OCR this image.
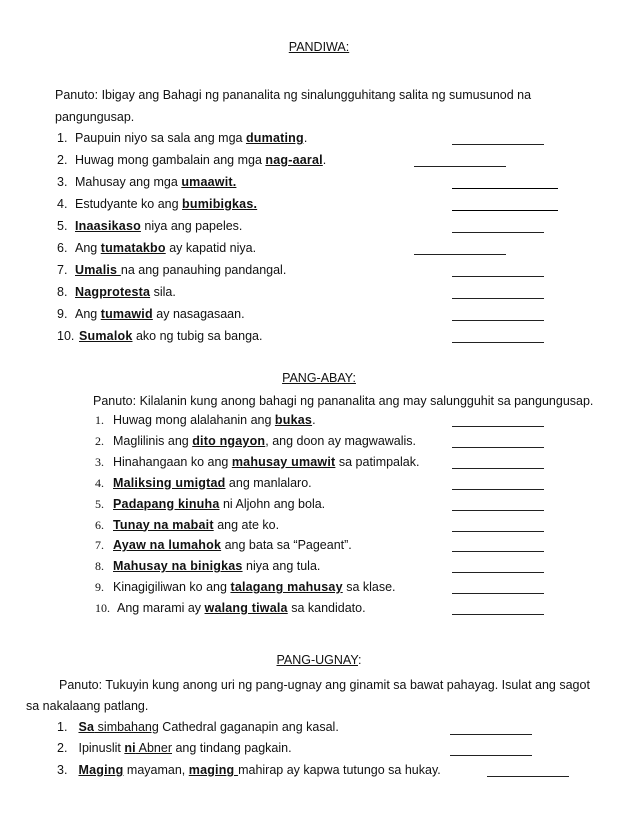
PANDIWA:
Panuto: Ibigay ang Bahagi ng pananalita ng sinalungguhitang salita ng sumusunod na
pangungusap.
1. Paupuin niyo sa sala ang mga dumating.
2. Huwag mong gambalain ang mga nag-aaral.
3. Mahusay ang mga umaawit.
4. Estudyante ko ang bumibigkas.
5. Inaasikaso niya ang papeles.
6. Ang tumatakbo ay kapatid niya.
7. Umalis na ang panauhing pandangal.
8. Nagprotesta sila.
9. Ang tumawid ay nasagasaan.
10. Sumalok ako ng tubig sa banga.
PANG-ABAY:
Panuto: Kilalanin kung anong bahagi ng pananalita ang may salungguhit sa pangungusap.
1. Huwag mong alalahanin ang bukas.
2. Maglilinis ang dito ngayon, ang doon ay magwawalis.
3. Hinahangaan ko ang mahusay umawit sa patimpalak.
4. Maliksing umigtad ang manlalaro.
5. Padapang kinuha ni Aljohn ang bola.
6. Tunay na mabait ang ate ko.
7. Ayaw na lumahok ang bata sa “Pageant”.
8. Mahusay na binigkas niya ang tula.
9. Kinagigiliwan ko ang talagang mahusay sa klase.
10. Ang marami ay walang tiwala sa kandidato.
PANG-UGNAY:
Panuto: Tukuyin kung anong uri ng pang-ugnay ang ginamit sa bawat pahayag. Isulat ang sagot
sa nakalaang patlang.
1. Sa simbahang Cathedral gaganapin ang kasal.
2. Ipinuslit ni Abner ang tindang pagkain.
3. Maging mayaman, maging mahirap ay kapwa tutungo sa hukay.
